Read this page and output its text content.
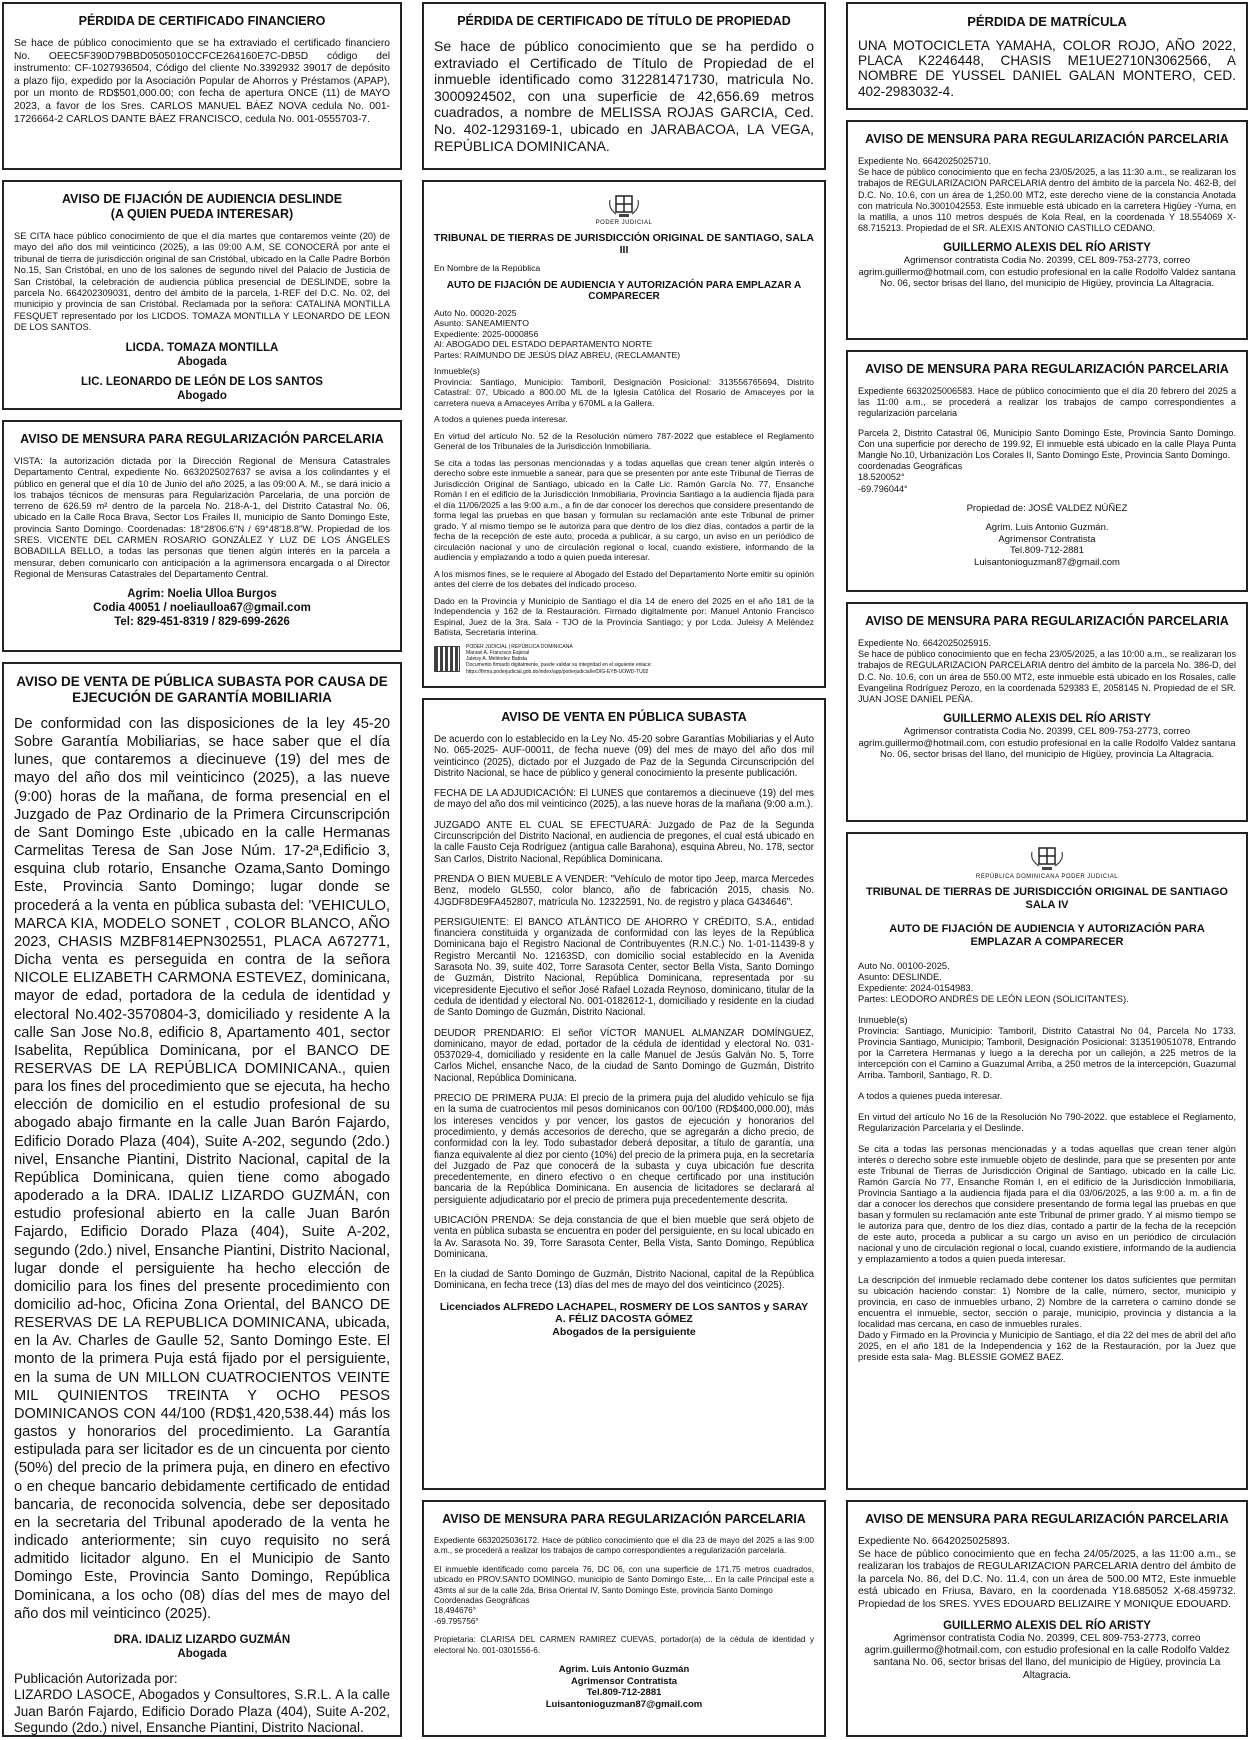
PÉRDIDA DE CERTIFICADO FINANCIERO
Se hace de público conocimiento que se ha extraviado el certificado financiero No. OEEC5F390D79BBD0505010CCFCE264160E7C-DB5D código del instrumento: CF-1027936504, Código del cliente No.3392932 39017 de depósito a plazo fijo, expedido por la Asociación Popular de Ahorros y Préstamos (APAP), por un monto de RD$501,000.00; con fecha de apertura ONCE (11) de MAYO 2023, a favor de los Sres. CARLOS MANUEL BÁEZ NOVA cedula No. 001-1726664-2 CARLOS DANTE BÁEZ FRANCISCO, cedula No. 001-0555703-7.
AVISO DE FIJACIÓN DE AUDIENCIA DESLINDE
(A QUIEN PUEDA INTERESAR)
SE CITA hace público conocimiento de que el día martes que contaremos veinte (20) de mayo del año dos mil veinticinco (2025), a las 09:00 A.M, SE CONOCERÁ por ante el tribunal de tierra de jurisdicción original de san Cristóbal, ubicado en la Calle Padre Borbón No.15, San Cristóbal, en uno de los salones de segundo nivel del Palacio de Justicia de San Cristóbal, la celebración de audiencia pública presencial de DESLINDE, sobre la parcela No. 664202309031, dentro del ámbito de la parcela, 1-REF del D.C. No. 02, del municipio y provincia de san Cristóbal. Reclamada por la señora: CATALINA MONTILLA FESQUET representado por los LICDOS. TOMAZA MONTILLA Y LEONARDO DE LEON DE LOS SANTOS.
LICDA. TOMAZA MONTILLA
Abogada
LIC. LEONARDO DE LEÓN DE LOS SANTOS
Abogado
AVISO DE MENSURA PARA REGULARIZACIÓN PARCELARIA
VISTA: la autorización dictada por la Dirección Regional de Mensura Catastrales Departamento Central, expediente No. 6632025027637 se avisa a los colindantes y el público en general que el día 10 de Junio del año 2025, a las 09:00 A. M., se dará inicio a los trabajos técnicos de mensuras para Regularización Parcelaria, de una porción de terreno de 626.59 m² dentro de la parcela No. 218-A-1, del Distrito Catastral No. 06, ubicado en la Calle Roca Brava, Sector Los Frailes II, municipio de Santo Domingo Este, provincia Santo Domingo. Coordenadas: 18°28'06.6"N / 69°48'18.8"W. Propiedad de los SRES. VICENTE DEL CARMEN ROSARIO GONZÁLEZ Y LUZ DE LOS ÁNGELES BOBADILLA BELLO, a todas las personas que tienen algún interés en la parcela a mensurar, deben comunicarlo con anticipación a la agrimensora encargada o al Director Regional de Mensuras Catastrales del Departamento Central.
Agrim: Noelia Ulloa Burgos
Codia 40051 / noeliaulloa67@gmail.com
Tel: 829-451-8319 / 829-699-2626
AVISO DE VENTA DE PÚBLICA SUBASTA POR CAUSA DE EJECUCIÓN DE GARANTÍA MOBILIARIA
De conformidad con las disposiciones de la ley 45-20 Sobre Garantía Mobiliarias, se hace saber que el día lunes, que contaremos a diecinueve (19) del mes de mayo del año dos mil veinticinco (2025), a las nueve (9:00) horas de la mañana, de forma presencial en el Juzgado de Paz Ordinario de la Primera Circunscripción de Sant Domingo Este ,ubicado en la calle Hermanas Carmelitas Teresa de San Jose Núm. 17-2ª,Edificio 3, esquina club rotario, Ensanche Ozama,Santo Domingo Este, Provincia Santo Domingo; lugar donde se procederá a la venta en pública subasta del: 'VEHICULO, MARCA KIA, MODELO SONET , COLOR BLANCO, AÑO 2023, CHASIS MZBF814EPN302551, PLACA A672771, Dicha venta es perseguida en contra de la señora NICOLE ELIZABETH CARMONA ESTEVEZ, dominicana, mayor de edad, portadora de la cedula de identidad y electoral No.402-3570804-3, domiciliado y residente A la calle San Jose No.8, edificio 8, Apartamento 401, sector Isabelita, República Dominicana, por el BANCO DE RESERVAS DE LA REPÚBLICA DOMINICANA., quien para los fines del procedimiento que se ejecuta, ha hecho elección de domicilio en el estudio profesional de su abogado abajo firmante en la calle Juan Barón Fajardo, Edificio Dorado Plaza (404), Suite A-202, segundo (2do.) nivel, Ensanche Piantini, Distrito Nacional, capital de la República Dominicana, quien tiene como abogado apoderado a la DRA. IDALIZ LIZARDO GUZMÁN, con estudio profesional abierto en la calle Juan Barón Fajardo, Edificio Dorado Plaza (404), Suite A-202, segundo (2do.) nivel, Ensanche Piantini, Distrito Nacional, lugar donde el persiguiente ha hecho elección de domicilio para los fines del presente procedimiento con domicilio ad-hoc, Oficina Zona Oriental, del BANCO DE RESERVAS DE LA REPUBLICA DOMINICANA, ubicada, en la Av. Charles de Gaulle 52, Santo Domingo Este. El monto de la primera Puja está fijado por el persiguiente, en la suma de UN MILLON CUATROCIENTOS VEINTE MIL QUINIENTOS TREINTA Y OCHO PESOS DOMINICANOS CON 44/100 (RD$1,420,538.44) más los gastos y honorarios del procedimiento. La Garantía estipulada para ser licitador es de un cincuenta por ciento (50%) del precio de la primera puja, en dinero en efectivo o en cheque bancario debidamente certificado de entidad bancaria, de reconocida solvencia, debe ser depositado en la secretaria del Tribunal apoderado de la venta he indicado anteriormente; sin cuyo requisito no será admitido licitador alguno. En el Municipio de Santo Domingo Este, Provincia Santo Domingo, República Dominicana, a los ocho (08) días del mes de mayo del año dos mil veinticinco (2025).
DRA. IDALIZ LIZARDO GUZMÁN
Abogada
Publicación Autorizada por:
LIZARDO LASOCE, Abogados y Consultores, S.R.L. A la calle Juan Barón Fajardo, Edificio Dorado Plaza (404), Suite A-202, Segundo (2do.) nivel, Ensanche Piantini, Distrito Nacional.
PÉRDIDA DE CERTIFICADO DE TÍTULO DE PROPIEDAD
Se hace de público conocimiento que se ha perdido o extraviado el Certificado de Título de Propiedad de el inmueble identificado como 312281471730, matricula No. 3000924502, con una superficie de 42,656.69 metros cuadrados, a nombre de MELISSA ROJAS GARCIA, Ced. No. 402-1293169-1, ubicado en JARABACOA, LA VEGA, REPÚBLICA DOMINICANA.
PODER JUDICIAL
TRIBUNAL DE TIERRAS DE JURISDICCIÓN ORIGINAL DE SANTIAGO, SALA III
En Nombre de la República
AUTO DE FIJACIÓN DE AUDIENCIA Y AUTORIZACIÓN PARA EMPLAZAR A COMPARECER
Auto No. 00020-2025
Asunto: SANEAMIENTO
Expediente: 2025-0000856
Al: ABOGADO DEL ESTADO DEPARTAMENTO NORTE
Partes: RAIMUNDO DE JESÚS DÍAZ ABREU, (RECLAMANTE)
Inmueble(s)
Provincia: Santiago, Municipio: Tamboril, Designación Posicional: 313556765694, Distrito Catastral: 07, Ubicado a 800.00 ML de la Iglesia Católica del Rosario de Amaceyes por la carretera nueva a Amaceyes Arriba y 670ML a la Gallera.
A todos a quienes pueda interesar.
En virtud del artículo No. 52 de la Resolución número 787-2022 que establece el Reglamento General de los Tribunales de la Jurisdicción Inmobiliaria.
Se cita a todas las personas mencionadas y a todas aquellas que crean tener algún interés o derecho sobre este inmueble a sanear, para que se presenten por ante este Tribunal de Tierras de Jurisdicción Original de Santiago, ubicado en la Calle Lic. Ramón García No. 77, Ensanche Román I en el edificio de la Jurisdicción Inmobiliaria, Provincia Santiago a la audiencia fijada para el día 11/06/2025 a las 9:00 a.m., a fin de dar conocer los derechos que considere presentando de forma legal las pruebas en que basan y formulan su reclamación ante este Tribunal de primer grado. Y al mismo tiempo se le autoriza para que dentro de los diez días, contados a partir de la fecha de la recepción de este auto, proceda a publicar, a su cargo, un aviso en un periódico de circulación nacional y uno de circulación regional o local, cuando existiere, informando de la audiencia y emplazando a todo a quien pueda interesar.
A los mismos fines, se le requiere al Abogado del Estado del Departamento Norte emitir su opinión antes del cierre de los debates del indicado proceso.
Dado en la Provincia y Municipio de Santiago el día 14 de enero del 2025 en el año 181 de la Independencia y 162 de la Restauración. Firmado digitalmente por: Manuel Antonio Francisco Espinal, Juez de la 3ra. Sala - TJO de la Provincia Santiago; y por Lcda. Juleisy A Meléndez Batista, Secretaria interina.
PODER JUDICIAL | REPÚBLICA DOMINICANA
Manuel A. Francisco Espinal
Juleisy A. Meléndez Batista
Documento firmado digitalmente, puede validar su integridad en el siguiente enlace:
https://firma.poderjudicial.gob.do/index/app/poderjudicial/e/DIG-EYB-UOWD-TU02
AVISO DE VENTA EN PÚBLICA SUBASTA
De acuerdo con lo establecido en la Ley No. 45-20 sobre Garantías Mobiliarias y el Auto No. 065-2025- AUF-00011, de fecha nueve (09) del mes de mayo del año dos mil veinticinco (2025), dictado por el Juzgado de Paz de la Segunda Circunscripción del Distrito Nacional, se hace de público y general conocimiento la presente publicación.
FECHA DE LA ADJUDICACIÓN: El LUNES que contaremos a diecinueve (19) del mes de mayo del año dos mil veinticinco (2025), a las nueve horas de la mañana (9:00 a.m.).
JUZGADO ANTE EL CUAL SE EFECTUARÁ: Juzgado de Paz de la Segunda Circunscripción del Distrito Nacional, en audiencia de pregones, el cual está ubicado en la calle Fausto Ceja Rodríguez (antigua calle Barahona), esquina Abreu, No. 178, sector San Carlos, Distrito Nacional, República Dominicana.
PRENDA O BIEN MUEBLE A VENDER: "Vehículo de motor tipo Jeep, marca Mercedes Benz, modelo GL550, color blanco, año de fabricación 2015, chasis No. 4JGDF8DE9FA452807, matrícula No. 12322591, No. de registro y placa G434646".
PERSIGUIENTE: El BANCO ATLÁNTICO DE AHORRO Y CRÉDITO, S.A., entidad financiera constituida y organizada de conformidad con las leyes de la República Dominicana bajo el Registro Nacional de Contribuyentes (R.N.C.) No. 1-01-11439-8 y Registro Mercantil No. 12163SD, con domicilio social establecido en la Avenida Sarasota No. 39, suite 402, Torre Sarasota Center, sector Bella Vista, Santo Domingo de Guzmán, Distrito Nacional, República Dominicana, representada por su vicepresidente Ejecutivo el señor José Rafael Lozada Reynoso, dominicano, titular de la cedula de identidad y electoral No. 001-0182612-1, domiciliado y residente en la ciudad de Santo Domingo de Guzmán, Distrito Nacional.
DEUDOR PRENDARIO: El señor VÍCTOR MANUEL ALMANZAR DOMÍNGUEZ, dominicano, mayor de edad, portador de la cédula de identidad y electoral No. 031-0537029-4, domiciliado y residente en la calle Manuel de Jesús Galván No. 5, Torre Carlos Michel, ensanche Naco, de la ciudad de Santo Domingo de Guzmán, Distrito Nacional, República Dominicana.
PRECIO DE PRIMERA PUJA: El precio de la primera puja del aludido vehículo se fija en la suma de cuatrocientos mil pesos dominicanos con 00/100 (RD$400,000.00), más los intereses vencidos y por vencer, los gastos de ejecución y honorarios del procedimiento, y demás accesorios de derecho, que se agregarán a dicho precio, de conformidad con la ley. Todo subastador deberá depositar, a título de garantía, una fianza equivalente al diez por ciento (10%) del precio de la primera puja, en la secretaría del Juzgado de Paz que conocerá de la subasta y cuya ubicación fue descrita precedentemente, en dinero efectivo o en cheque certificado por una institución bancaria de la República Dominicana. En ausencia de licitadores se declarará al persiguiente adjudicatario por el precio de primera puja precedentemente descrita.
UBICACIÓN PRENDA: Se deja constancia de que el bien mueble que será objeto de venta en pública subasta se encuentra en poder del persiguiente, en su local ubicado en la Av. Sarasota No. 39, Torre Sarasota Center, Bella Vista, Santo Domingo, República Dominicana.
En la ciudad de Santo Domingo de Guzmán, Distrito Nacional, capital de la República Dominicana, en fecha trece (13) días del mes de mayo del dos veinticinco (2025).
Licenciados ALFREDO LACHAPEL, ROSMERY DE LOS SANTOS y SARAY A. FÉLIZ DACOSTA GÓMEZ
Abogados de la persiguiente
AVISO DE MENSURA PARA REGULARIZACIÓN PARCELARIA
Expediente 6632025036172. Hace de público conocimiento que el día 23 de mayo del 2025 a las 9:00 a.m., se procederá a realizar los trabajos de campo correspondientes a regularización parcelaria.
El inmueble identificado como parcela 76, DC 06, con una superficie de 171.75 metros cuadrados, ubicado en PROV.SANTO DOMINGO, municipio de Santo Domingo Este,... En la calle Principal este a 43mts al sur de la calle 2da, Brisa Oriental IV, Santo Domingo Este, provincia Santo Domingo
Coordenadas Geográficas
18.494676°
-69.795756°
Propietaria: CLARISA DEL CARMEN RAMIREZ CUEVAS, portador(a) de la cédula de identidad y electoral No. 001-0301556-6.
Agrim. Luis Antonio Guzmán
Agrimensor Contratista
Tel.809-712-2881
Luisantonioguzman87@gmail.com
PÉRDIDA DE MATRÍCULA
UNA MOTOCICLETA YAMAHA, COLOR ROJO, AÑO 2022, PLACA K2246448, CHASIS ME1UE2710N3062566, A NOMBRE DE YUSSEL DANIEL GALAN MONTERO, CED. 402-2983032-4.
AVISO DE MENSURA PARA REGULARIZACIÓN PARCELARIA
Expediente No. 6642025025710.
Se hace de público conocimiento que en fecha 23/05/2025, a las 11:30 a.m., se realizaran los trabajos de REGULARIZACION PARCELARIA dentro del ámbito de la parcela No. 462-B, del D.C. No. 10.6, con un área de 1,250.00 MT2, este derecho viene de la constancia Anotada con matrícula No.3001042553. Este inmueble está ubicado en la carretera Higüey -Yuma, en la matilla, a unos 110 metros después de Kola Real, en la coordenada Y 18.554069 X-68.715213. Propiedad de el SR. ALEXIS ANTONIO CASTILLO CEDANO.
GUILLERMO ALEXIS DEL RÍO ARISTY
Agrimensor contratista Codia No. 20399, CEL 809-753-2773, correo agrim.guillermo@hotmail.com, con estudio profesional en la calle Rodolfo Valdez santana No. 06, sector brisas del llano, del municipio de Higüey, provincia La Altagracia.
AVISO DE MENSURA PARA REGULARIZACIÓN PARCELARIA
Expediente 6632025006583. Hace de público conocimiento que el día 20 febrero del 2025 a las 11:00 a.m., se procederá a realizar los trabajos de campo correspondientes a regularización parcelaria
Parcela 2, Distrito Catastral 06, Municipio Santo Domingo Este, Provincia Santo Domingo. Con una superficie por derecho de 199.92, El inmueble está ubicado en la calle Playa Punta Mangle No.10, Urbanización Los Corales II, Santo Domingo Este, Provincia Santo Domingo.
coordenadas Geográficas
18.520052°
-69.796044°
Propiedad de: JOSÉ VALDEZ NÚÑEZ
Agrim. Luis Antonio Guzmán.
Agrimensor Contratista
Tel.809-712-2881
Luisantonioguzman87@gmail.com
AVISO DE MENSURA PARA REGULARIZACIÓN PARCELARIA
Expediente No. 6642025025915.
Se hace de público conocimiento que en fecha 23/05/2025, a las 10:00 a.m., se realizaran los trabajos de REGULARIZACION PARCELARIA dentro del ámbito de la parcela No. 386-D, del D.C. No. 10.6, con un área de 550.00 MT2, este inmueble está ubicado en los Rosales, calle Evangelina Rodríguez Perozo, en la coordenada 529383 E, 2058145 N. Propiedad de el SR. JUAN JOSE DANIEL PEÑA.
GUILLERMO ALEXIS DEL RÍO ARISTY
Agrimensor contratista Codia No. 20399, CEL 809-753-2773, correo agrim.guillermo@hotmail.com, con estudio profesional en la calle Rodolfo Valdez santana No. 06, sector brisas del llano, del municipio de Higüey, provincia La Altagracia.
REPÚBLICA DOMINICANA PODER JUDICIAL
TRIBUNAL DE TIERRAS DE JURISDICCIÓN ORIGINAL DE SANTIAGO SALA IV
AUTO DE FIJACIÓN DE AUDIENCIA Y AUTORIZACIÓN PARA EMPLAZAR A COMPARECER
Auto No. 00100-2025.
Asunto: DESLINDE.
Expediente: 2024-0154983.
Partes: LEODORO ANDRÉS DE LEÓN LEON (SOLICITANTES).
Inmueble(s)
Provincia: Santiago, Municipio: Tamboril, Distrito Catastral No 04, Parcela No 1733. Provincia Santiago, Municipio; Tamboril, Designación Posicional: 313519051078, Entrando por la Carretera Hermanas y luego a la derecha por un callejón, a 225 metros de la intercepción con el Camino a Guazumal Arriba, a 250 metros de la intercepción, Guazumal Arriba. Tamboril, Santiago, R. D.
A todos a quienes pueda interesar.
En virtud del artículo No 16 de la Resolución No 790-2022. que establece el Reglamento, Regularización Parcelaria y el Deslinde.
Se cita a todas las personas mencionadas y a todas aquellas que crean tener algún interés o derecho sobre este inmueble objeto de deslinde, para que se presenten por ante este Tribunal de Tierras de Jurisdicción Original de Santiago. ubicado en la calle Lic. Ramón García No 77, Ensanche Román I, en el edificio de la Jurisdicción Inmobiliaria, Provincia Santiago a la audiencia fijada para el día 03/06/2025, a las 9:00 a. m. a fin de dar a conocer los derechos que considere presentando de forma legal las pruebas en que basan y formulen su reclamación ante este Tribunal de primer grado. Y al mismo tiempo se le autoriza para que, dentro de los diez días, contado a partir de la fecha de la recepción de este auto, proceda a publicar a su cargo un aviso en un periódico de circulación nacional y uno de circulación regional o local, cuando existiere, informando de la audiencia y emplazamiento a todos a quien pueda interesar.
La descripción del inmueble reclamado debe contener los datos suficientes que permitan su ubicación haciendo constar: 1) Nombre de la calle, número, sector, municipio y provincia, en caso de inmuebles urbano, 2) Nombre de la carretera o camino donde se encuentra el inmueble, sector, sección o paraje, municipio, provincia y distancia a la localidad mas cercana, en caso de inmuebles rurales.
Dado y Firmado en la Provincia y Municipio de Santiago, el día 22 del mes de abril del año 2025, en el año 181 de la Independencia y 162 de la Restauración, por la Juez que preside esta sala- Mag. BLESSIE GOMEZ BAEZ.
AVISO DE MENSURA PARA REGULARIZACIÓN PARCELARIA
Expediente No. 6642025025893.
Se hace de público conocimiento que en fecha 24/05/2025, a las 11:00 a.m., se realizaran los trabajos de REGULARIZACION PARCELARIA dentro del ámbito de la parcela No. 86, del D.C. No. 11.4, con un área de 500.00 MT2, Este inmueble está ubicado en Friusa, Bavaro, en la coordenada Y18.685052 X-68.459732. Propiedad de los SRES. YVES EDOUARD BELIZAIRE Y MONIQUE EDOUARD.
GUILLERMO ALEXIS DEL RÍO ARISTY
Agrimensor contratista Codia No. 20399, CEL 809-753-2773, correo agrim.guillermo@hotmail.com, con estudio profesional en la calle Rodolfo Valdez santana No. 06, sector brisas del llano, del municipio de Higüey, provincia La Altagracia.
